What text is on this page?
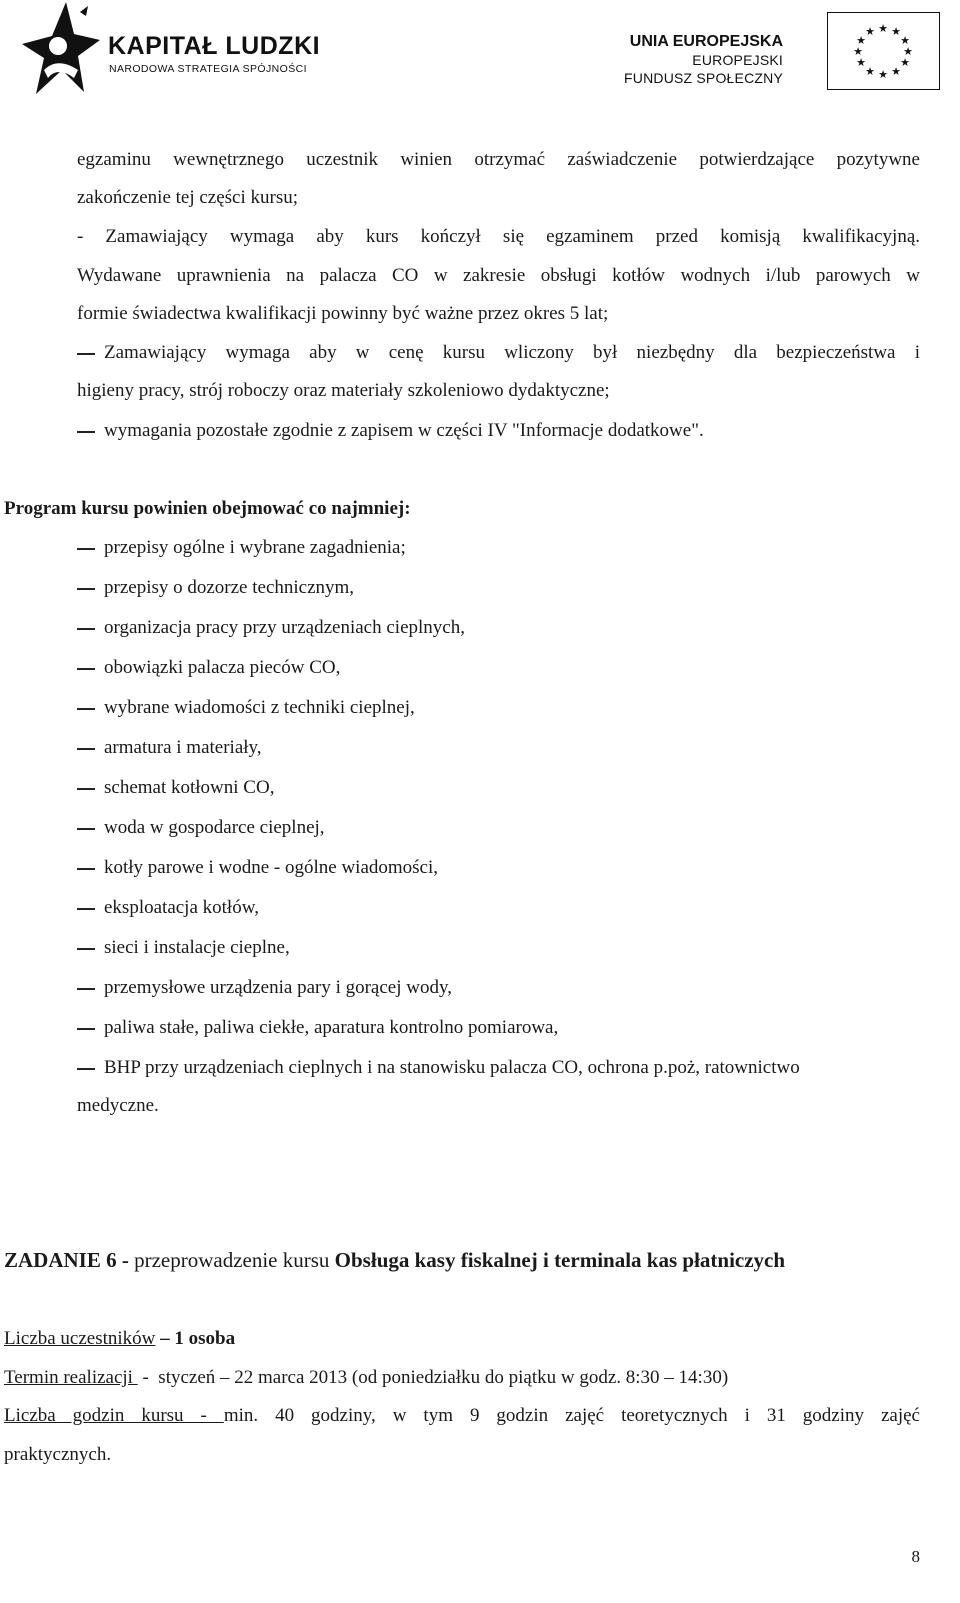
KAPITAŁ LUDZKI
NARODOWA STRATEGIA SPÓJNOŚCI
UNIA EUROPEJSKA
EUROPEJSKI
FUNDUSZ SPOŁECZNY
★ ★
★
★
★
★
★
★
★
★
★
★
egzaminu wewnętrznego uczestnik winien otrzymać zaświadczenie potwierdzające pozytywne
zakończenie tej części kursu;
- Zamawiający wymaga aby kurs kończył się egzaminem przed komisją kwalifikacyjną.
Wydawane uprawnienia na palacza CO w zakresie obsługi kotłów wodnych i/lub parowych w
formie świadectwa kwalifikacji powinny być ważne przez okres 5 lat;
Zamawiający wymaga aby w cenę kursu wliczony był niezbędny dla bezpieczeństwa i
higieny pracy, strój roboczy oraz materiały szkoleniowo dydaktyczne;
wymagania pozostałe zgodnie z zapisem w części IV "Informacje dodatkowe".
Program kursu powinien obejmować co najmniej:
przepisy ogólne i wybrane zagadnienia;
przepisy o dozorze technicznym,
organizacja pracy przy urządzeniach cieplnych,
obowiązki palacza pieców CO,
wybrane wiadomości z techniki cieplnej,
armatura i materiały,
schemat kotłowni CO,
woda w gospodarce cieplnej,
kotły parowe i wodne - ogólne wiadomości,
eksploatacja kotłów,
sieci i instalacje cieplne,
przemysłowe urządzenia pary i gorącej wody,
paliwa stałe, paliwa ciekłe, aparatura kontrolno pomiarowa,
BHP przy urządzeniach cieplnych i na stanowisku palacza CO, ochrona p.poż, ratownictwo
medyczne.
ZADANIE 6 - przeprowadzenie kursu Obsługa kasy fiskalnej i terminala kas płatniczych
Liczba uczestników – 1 osoba
Termin realizacji  -  styczeń – 22 marca 2013 (od poniedziałku do piątku w godz. 8:30 – 14:30)
Liczba godzin kursu - min. 40 godziny, w tym 9 godzin zajęć teoretycznych i 31 godziny zajęć
praktycznych.
8
